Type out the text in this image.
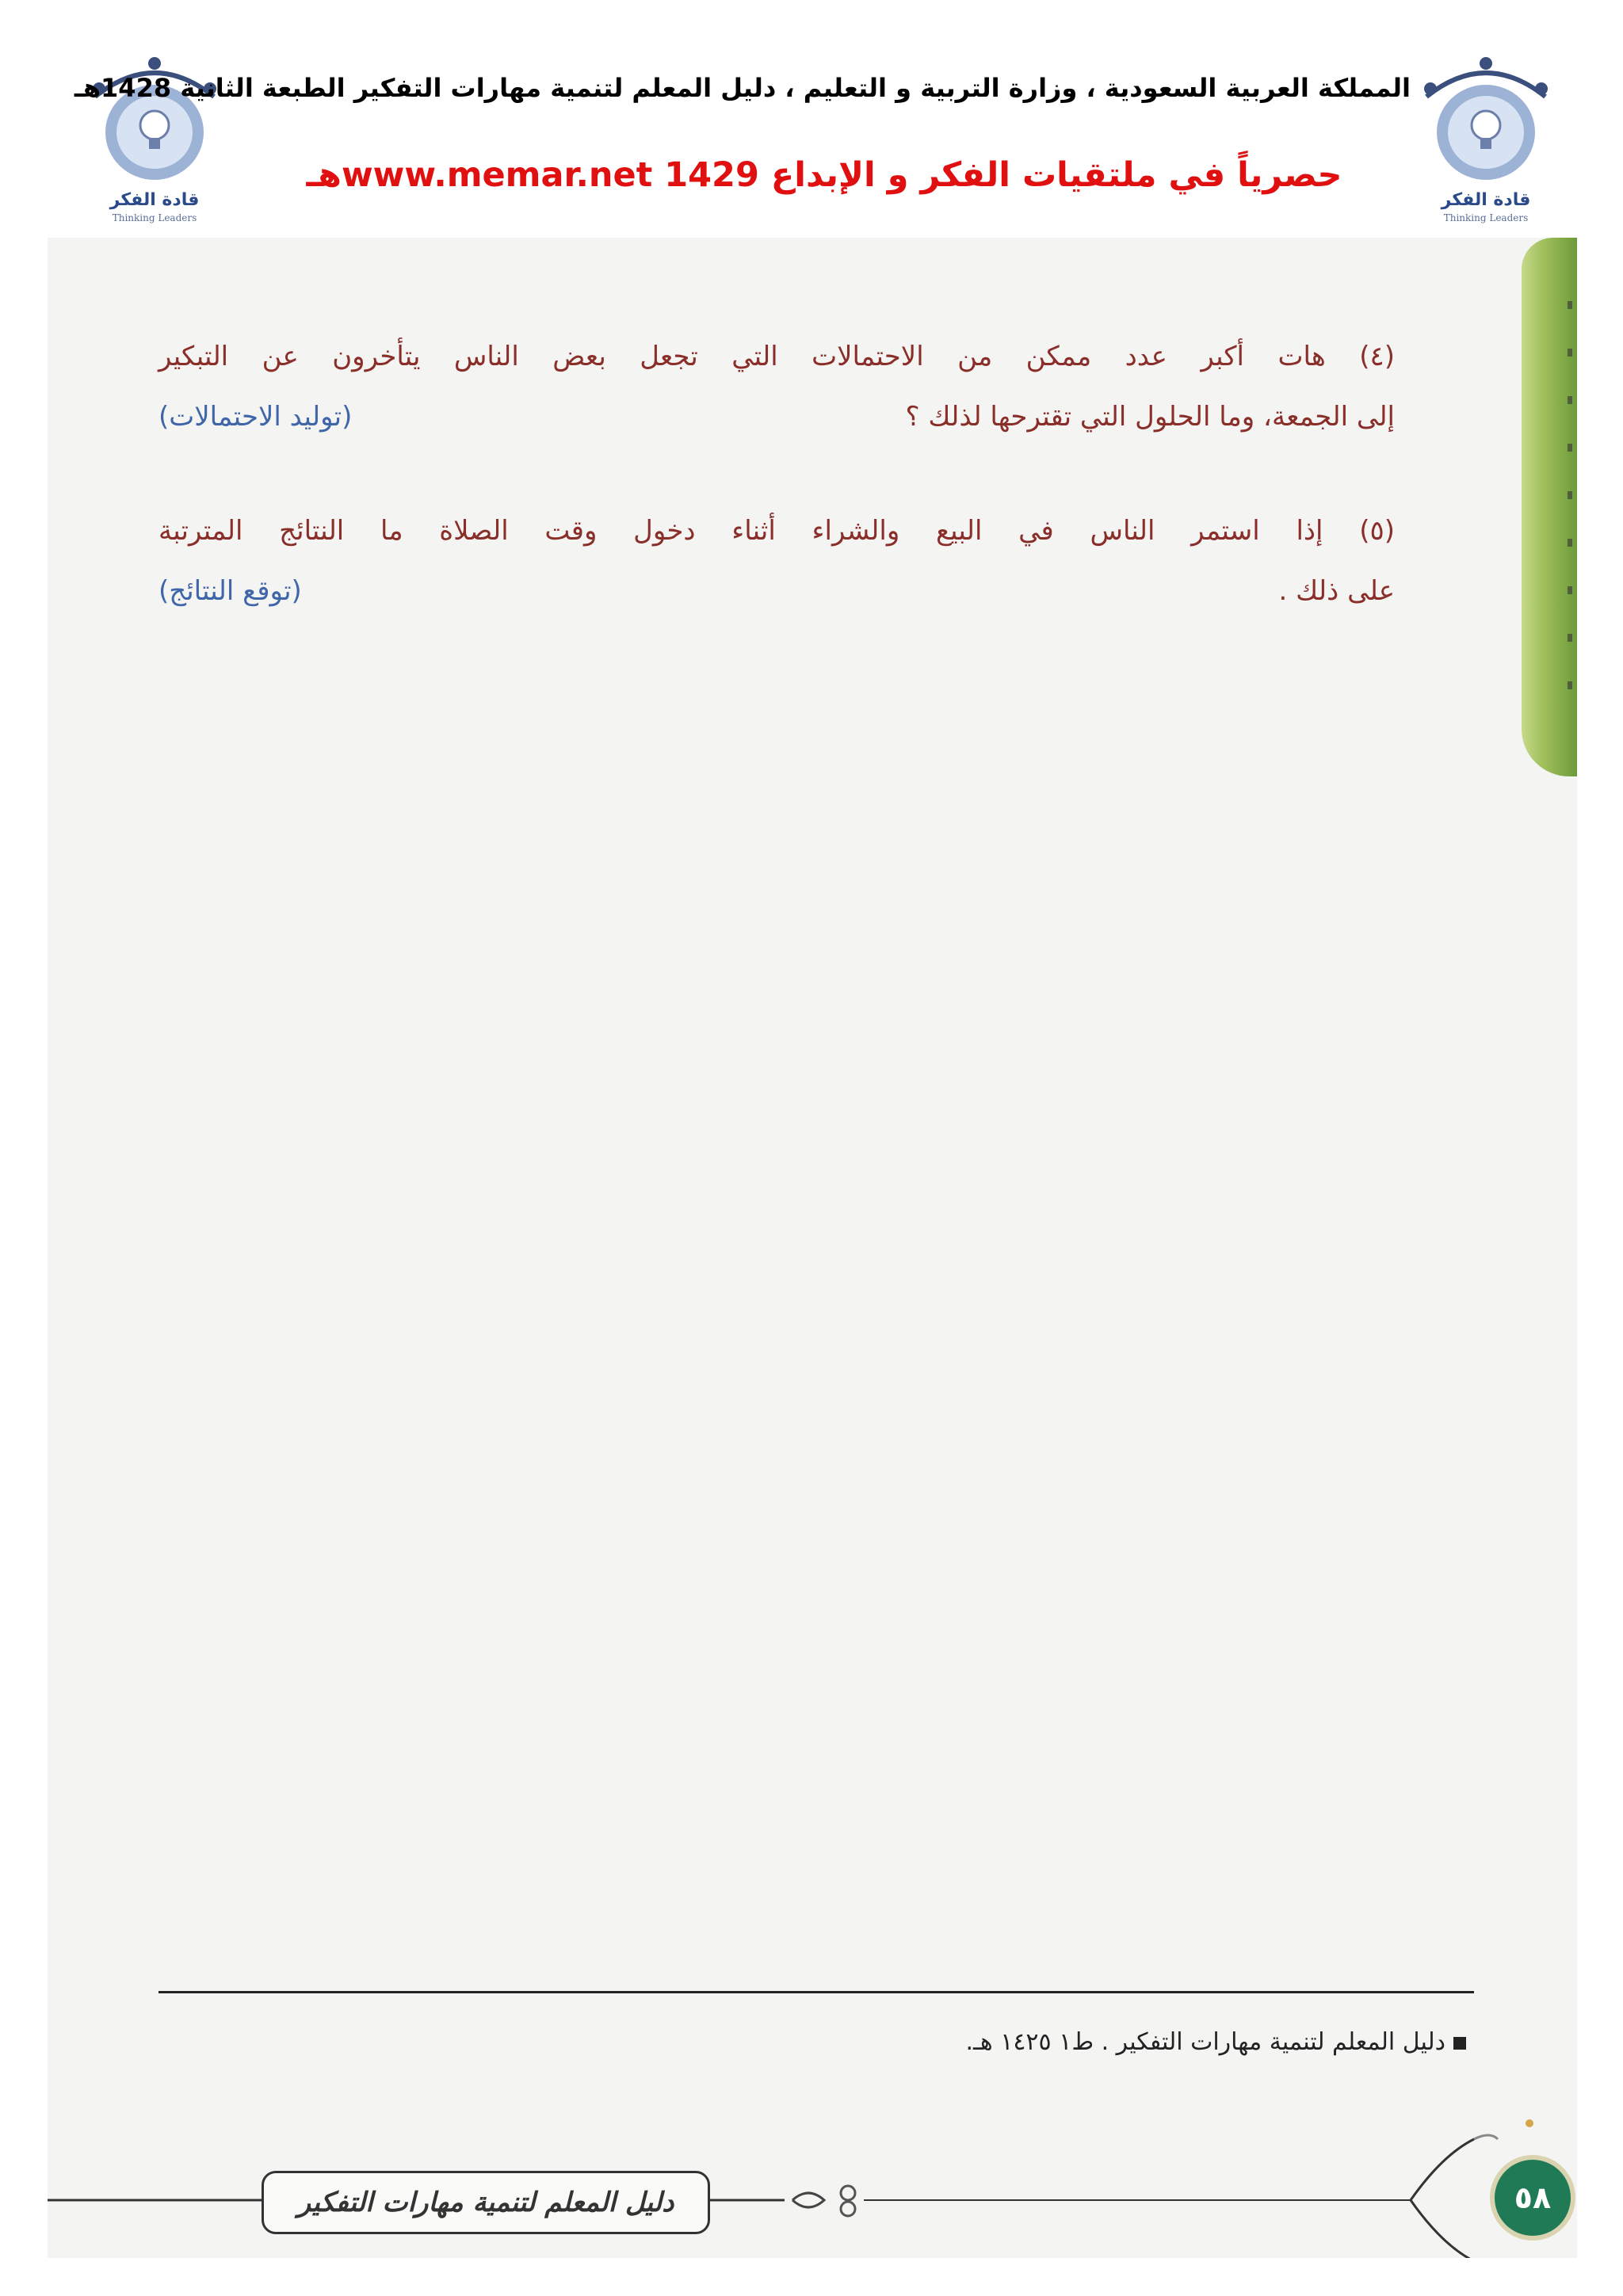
قادة الفكر
Thinking Leaders
قادة الفكر
Thinking Leaders
المملكة العربية السعودية ، وزارة التربية و التعليم ، دليل المعلم لتنمية مهارات التفكير الطبعة الثانية 1428هـ
حصرياً في ملتقيات الفكر و الإبداع www.memar.net 1429هـ
(٤) هات أكبر عدد ممكن من الاحتمالات التي تجعل بعض الناس يتأخرون عن التبكير
إلى الجمعة، وما الحلول التي تقترحها لذلك ؟
(توليد الاحتمالات)
(٥) إذا استمر الناس في البيع والشراء أثناء دخول وقت الصلاة ما النتائج المترتبة
على ذلك .
(توقع النتائج)
دليل المعلم لتنمية مهارات التفكير . ط١ ١٤٢٥ هـ.
دليل المعلم لتنمية مهارات التفكير	٥٨
